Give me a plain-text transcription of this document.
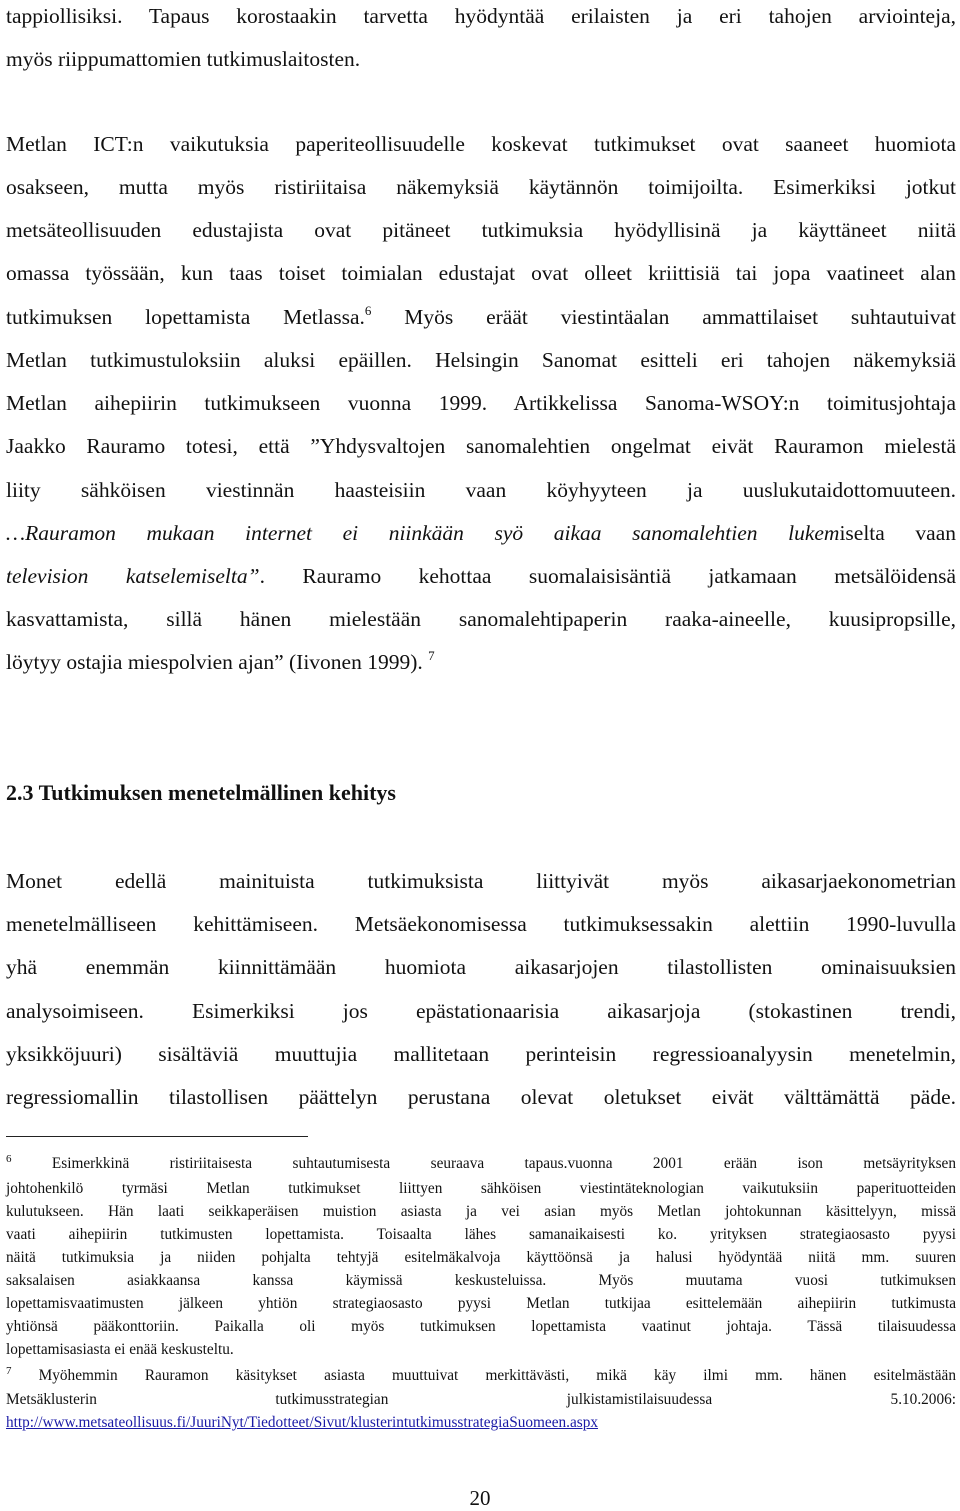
tappiollisiksi. Tapaus korostaakin tarvetta hyödyntää erilaisten ja eri tahojen arviointeja,
myös riippumattomien tutkimuslaitosten.
Metlan ICT:n vaikutuksia paperiteollisuudelle koskevat tutkimukset ovat saaneet huomiota
osakseen, mutta myös ristiriitaisa näkemyksiä käytännön toimijoilta. Esimerkiksi jotkut
metsäteollisuuden edustajista ovat pitäneet tutkimuksia hyödyllisinä ja käyttäneet niitä
omassa työssään, kun taas toiset toimialan edustajat ovat olleet kriittisiä tai jopa vaatineet alan
tutkimuksen lopettamista Metlassa.$^6$ Myös eräät viestintäalan ammattilaiset suhtautuivat
Metlan tutkimustuloksiin aluksi epäillen. Helsingin Sanomat esitteli eri tahojen näkemyksiä
Metlan aihepiirin tutkimukseen vuonna 1999. Artikkelissa Sanoma-WSOY:n toimitusjohtaja
Jaakko Rauramo totesi, että ”Yhdysvaltojen sanomalehtien ongelmat eivät Rauramon mielestä
liity sähköisen viestinnän haasteisiin vaan köyhyyteen ja uuslukutaidottomuuteen.
…Rauramon mukaan internet ei niinkään syö aikaa sanomalehtien lukemiselta vaan
television katselemiselta”. Rauramo kehottaa suomalaisisäntiä jatkamaan metsälöidensä
kasvattamista, sillä hänen mielestään sanomalehtipaperin raaka-aineelle, kuusipropsille,
löytyy ostajia miespolvien ajan” (Iivonen 1999). $^7$
2.3 Tutkimuksen menetelmällinen kehitys
Monet edellä mainituista tutkimuksista liittyivät myös aikasarjaekonometrian
menetelmälliseen kehittämiseen. Metsäekonomisessa tutkimuksessakin alettiin 1990-luvulla
yhä enemmän kiinnittämään huomiota aikasarjojen tilastollisten ominaisuuksien
analysoimiseen. Esimerkiksi jos epästationaarisia aikasarjoja (stokastinen trendi,
yksikköjuuri) sisältäviä muuttujia mallitetaan perinteisin regressioanalyysin menetelmin,
regressiomallin tilastollisen päättelyn perustana olevat oletukset eivät välttämättä päde.
$^6$ Esimerkkinä ristiriitaisesta suhtautumisesta seuraava tapaus.vuonna 2001 erään ison metsäyrityksen
johtohenkilö tyrmäsi Metlan tutkimukset liittyen sähköisen viestintäteknologian vaikutuksiin paperituotteiden
kulutukseen. Hän laati seikkaperäisen muistion asiasta ja vei asian myös Metlan johtokunnan käsittelyyn, missä
vaati aihepiirin tutkimusten lopettamista. Toisaalta lähes samanaikaisesti ko. yrityksen strategiaosasto pyysi
näitä tutkimuksia ja niiden pohjalta tehtyjä esitelmäkalvoja käyttöönsä ja halusi hyödyntää niitä mm. suuren
saksalaisen asiakkaansa kanssa käymissä keskusteluissa. Myös muutama vuosi tutkimuksen
lopettamisvaatimusten jälkeen yhtiön strategiaosasto pyysi Metlan tutkijaa esittelemään aihepiirin tutkimusta
yhtiönsä pääkonttoriin. Paikalla oli myös tutkimuksen lopettamista vaatinut johtaja. Tässä tilaisuudessa
lopettamisasiasta ei enää keskusteltu.
$^7$ Myöhemmin Rauramon käsitykset asiasta muuttuivat merkittävästi, mikä käy ilmi mm. hänen esitelmästään
Metsäklusterin tutkimusstrategian julkistamistilaisuudessa 5.10.2006:
http://www.metsateollisuus.fi/JuuriNyt/Tiedotteet/Sivut/klusterintutkimusstrategiaSuomeen.aspx
20
